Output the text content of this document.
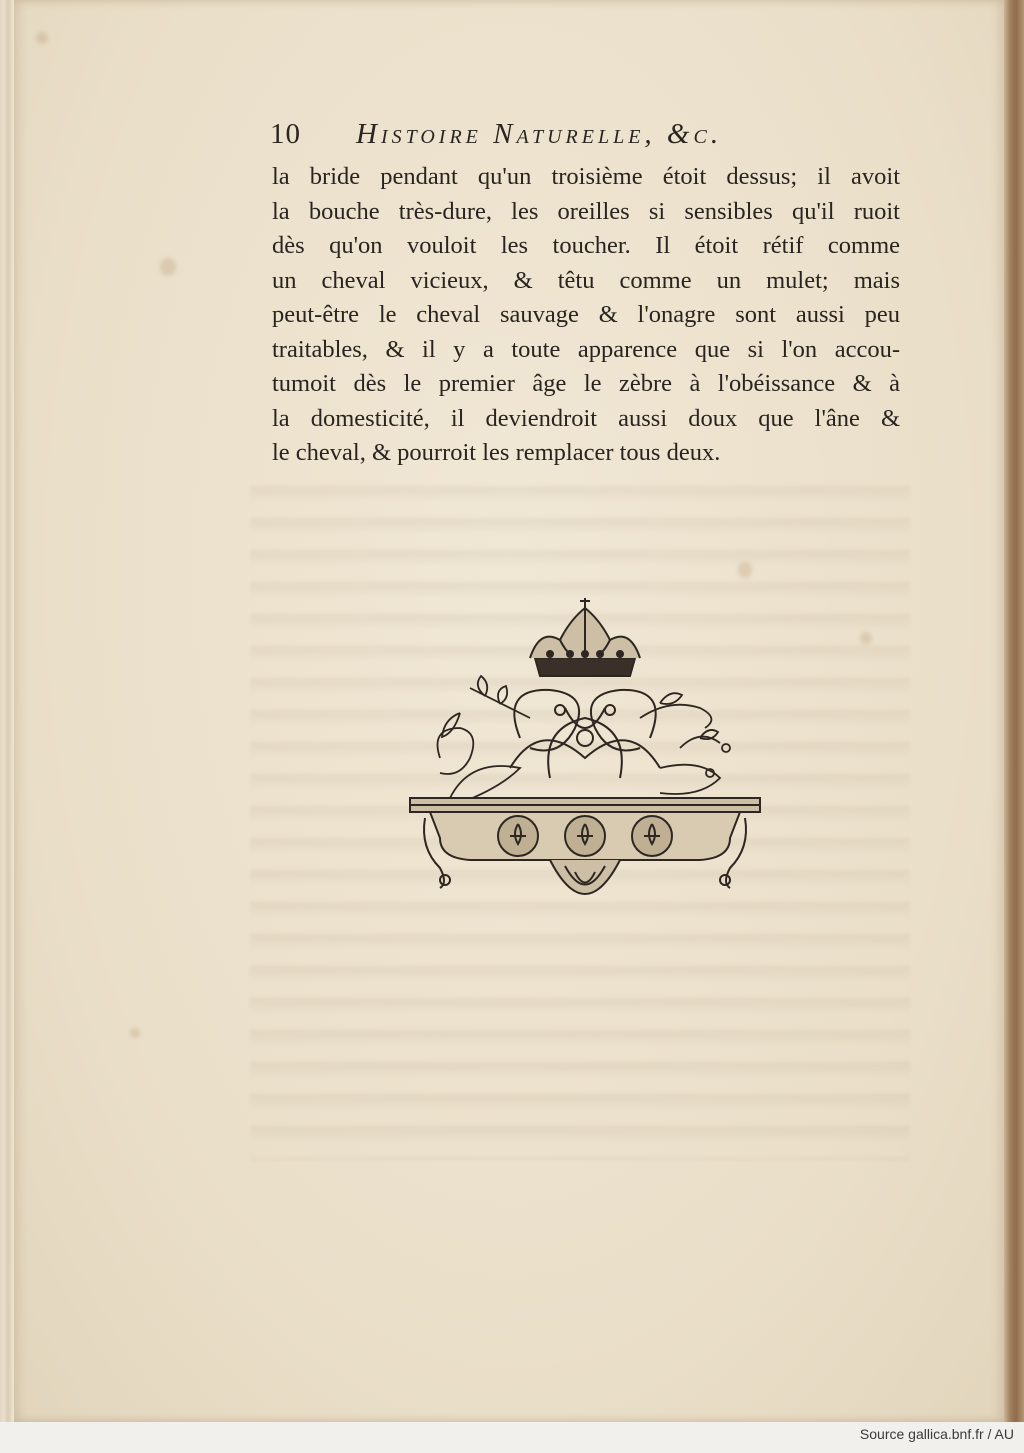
10 Histoire Naturelle, &c.
la bride pendant qu'un troisième étoit dessus; il avoit
la bouche très-dure, les oreilles si sensibles qu'il ruoit
dès qu'on vouloit les toucher. Il étoit rétif comme
un cheval vicieux, & têtu comme un mulet; mais
peut-être le cheval sauvage & l'onagre sont aussi peu
traitables, & il y a toute apparence que si l'on accou-
tumoit dès le premier âge le zèbre à l'obéissance & à
la domesticité, il deviendroit aussi doux que l'âne &
le cheval, & pourroit les remplacer tous deux.
Source gallica.bnf.fr / AU
